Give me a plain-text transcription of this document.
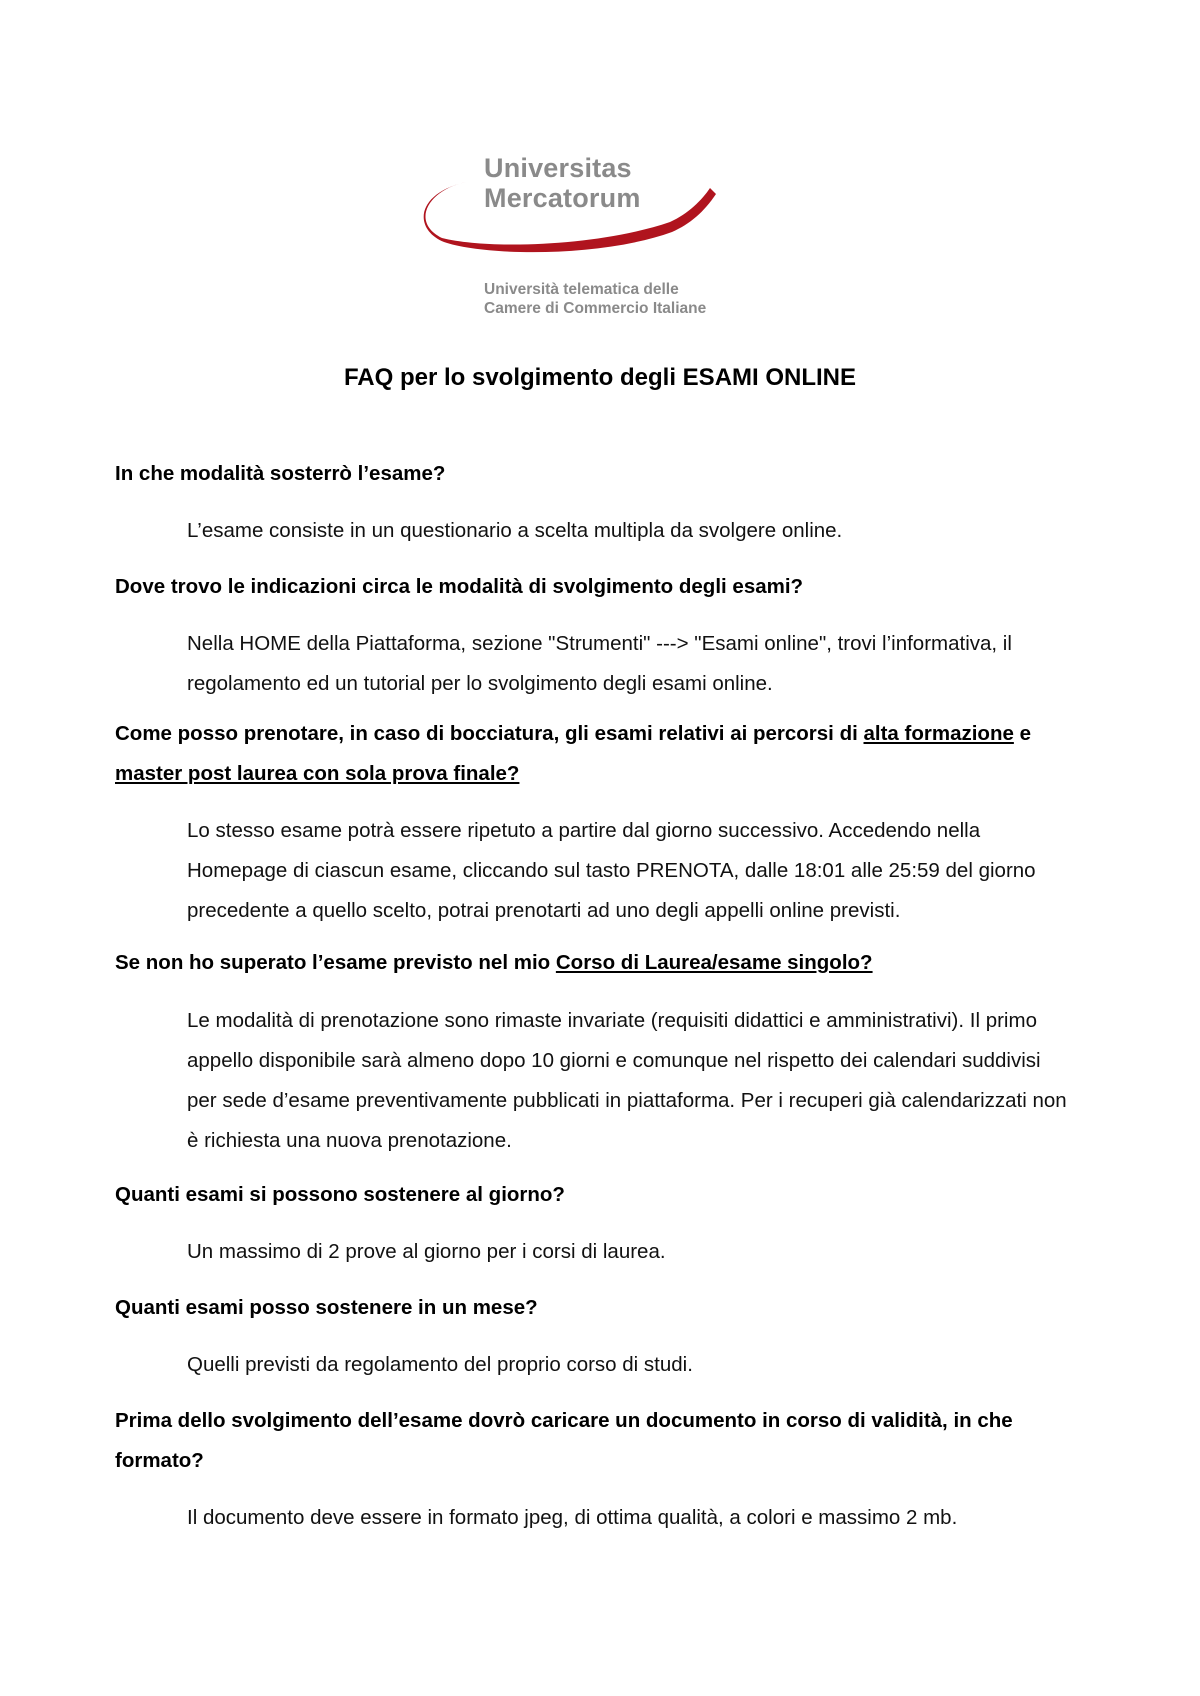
Universitas
Mercatorum

Università telematica delle
Camere di Commercio Italiane

FAQ per lo svolgimento degli ESAMI ONLINE

In che modalità sosterrò l’esame?

L’esame consiste in un questionario a scelta multipla da svolgere online.

Dove trovo le indicazioni circa le modalità di svolgimento degli esami?

Nella HOME della Piattaforma, sezione "Strumenti" ---> "Esami online", trovi l’informativa, il regolamento ed un tutorial per lo svolgimento degli esami online.

Come posso prenotare, in caso di bocciatura, gli esami relativi ai percorsi di alta formazione e master post laurea con sola prova finale?

Lo stesso esame potrà essere ripetuto a partire dal giorno successivo. Accedendo nella Homepage di ciascun esame, cliccando sul tasto PRENOTA, dalle 18:01 alle 25:59 del giorno precedente a quello scelto, potrai prenotarti ad uno degli appelli online previsti.

Se non ho superato l’esame previsto nel mio Corso di Laurea/esame singolo?

Le modalità di prenotazione sono rimaste invariate (requisiti didattici e amministrativi). Il primo appello disponibile sarà almeno dopo 10 giorni e comunque nel rispetto dei calendari suddivisi per sede d’esame preventivamente pubblicati in piattaforma. Per i recuperi già calendarizzati non è richiesta una nuova prenotazione.

Quanti esami si possono sostenere al giorno?

Un massimo di 2 prove al giorno per i corsi di laurea.

Quanti esami posso sostenere in un mese?

Quelli previsti da regolamento del proprio corso di studi.

Prima dello svolgimento dell’esame dovrò caricare un documento in corso di validità, in che formato?

Il documento deve essere in formato jpeg, di ottima qualità, a colori e massimo 2 mb.
